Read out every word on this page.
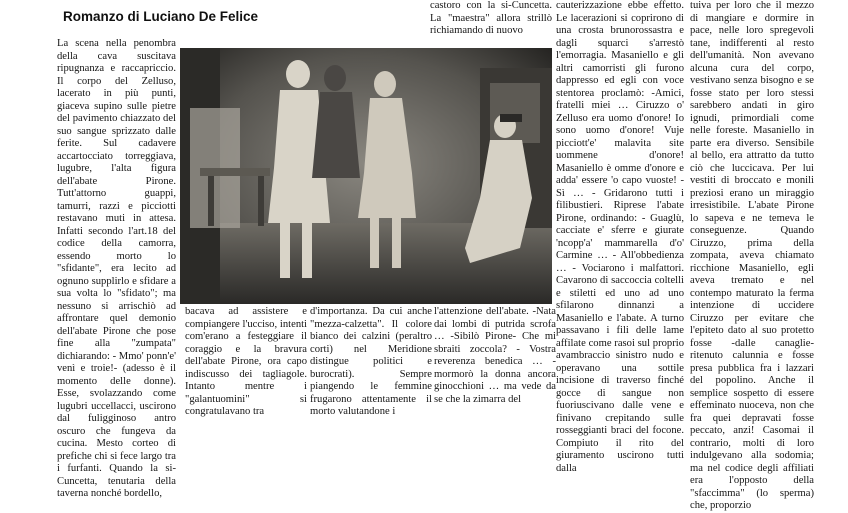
Romanzo di Luciano De Felice

La scena nella penombra della cava suscitava ripugnanza e raccapriccio. Il corpo del Zelluso, lacerato in più punti, giaceva supino sulle pietre del pavimento chiazzato del suo sangue sprizzato dalle ferite. Sul cadavere accartocciato torreggiava, lugubre, l'alta figura dell'abate Pirone. Tutt'attorno guappi, tamurri, razzi e picciotti restavano muti in attesa. Infatti secondo l'art.18 del codice della camorra, essendo morto lo "sfidante", era lecito ad ognuno supplirlo e sfidare a sua volta lo "sfidato"; ma nessuno si arrischiò ad affrontare quel demonio dell'abate Pirone che pose fine alla "zumpata" dichiarando: - Mmo' ponn'e' venì e troie!- (adesso è il momento delle donne). Esse, svolazzando come lugubri uccellacci, uscirono dal fuligginoso antro oscuro che fungeva da cucina. Mesto corteo di prefiche chi si fece largo tra i furfanti. Quando la si-Cuncetta, tenutaria della taverna nonché bordello,

castoro con la si-Cuncetta. La "maestra" allora strillò richiamando di nuovo

cauterizzazione ebbe effetto. Le lacerazioni si coprirono di una crosta brunorossastra e dagli squarci s'arrestò l'emorragia. Masaniello e gli altri camorristi gli furono dappresso ed egli con voce stentorea proclamò: -Amici, fratelli miei … Ciruzzo o' Zelluso era uomo d'onore! Io sono uomo d'onore! Vuje picciott'e' malavita site uommene d'onore! Masaniello è omme d'onore e adda' essere 'o capo vuoste! - Sì … - Gridarono tutti i filibustieri. Riprese l'abate Pirone, ordinando: - Guaglù, cacciate e' sferre e giurate 'ncopp'a' mammarella d'o' Carmine … - All'obbedienza … - Vociarono i malfattori. Cavarono di saccoccia coltelli e stiletti ed uno ad uno sfilarono dinnanzi a Masaniello e l'abate. A turno passavano i fili delle lame affilate come rasoi sul proprio avambraccio sinistro nudo e operavano una sottile incisione di traverso finché gocce di sangue non fuoriuscivano dalle vene e finivano crepitando sulle rosseggianti braci del focone. Compiuto il rito del giuramento uscirono tutti dalla

tuiva per loro che il mezzo di mangiare e dormire in pace, nelle loro spregevoli tane, indifferenti al resto dell'umanità. Non avevano alcuna cura del corpo, vestivano senza bisogno e se fosse stato per loro stessi sarebbero andati in giro ignudi, primordiali come nelle foreste. Masaniello in parte era diverso. Sensibile al bello, era attratto da tutto ciò che luccicava. Per lui vestiti di broccato e monili preziosi erano un miraggio irresistibile. L'abate Pirone lo sapeva e ne temeva le conseguenze. Quando Ciruzzo, prima della zompata, aveva chiamato ricchione Masaniello, egli aveva tremato e nel contempo maturato la ferma intenzione di uccidere Ciruzzo per evitare che l'epiteto dato al suo protetto fosse -dalle canaglie- ritenuto calunnia e fosse presa pubblica fra i lazzari del popolino. Anche il semplice sospetto di essere effeminato nuoceva, non che fra quei depravati fosse peccato, anzi! Casomai il contrario, molti di loro indulgevano alla sodomia; ma nel codice degli affiliati era l'opposto della "sfaccimma" (lo sperma) che, proporzio

bacava ad assistere e compiangere l'ucciso, intenti com'erano a festeggiare il coraggio e la bravura dell'abate Pirone, ora capo indiscusso dei tagliagole. Intanto mentre i "galantuomini" si congratulavano tra

d'importanza. Da cui anche "mezza-calzetta". Il colore bianco dei calzini (peraltro corti) nel Meridione distingue politici e burocrati). Sempre piangendo le femmine frugarono attentamente il morto valutandone i

l'attenzione dell'abate. -Nata dai lombi di putrida scrofa … -Sibilò Pirone- Che mi sbraiti zoccola? - Vostra reverenza benedica … - mormorò la donna ancora ginocchioni … ma vede da se che la zimarra del
